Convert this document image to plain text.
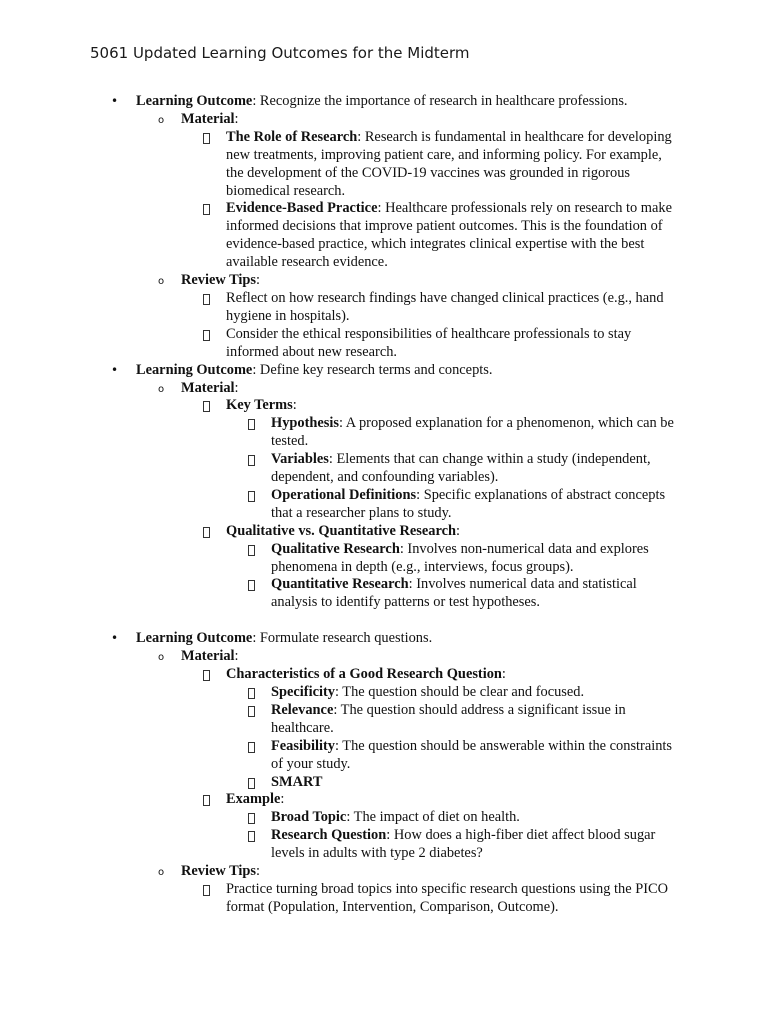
5061 Updated Learning Outcomes for the Midterm
• Learning Outcome: Recognize the importance of research in healthcare professions.
o Material:
The Role of Research: Research is fundamental in healthcare for developing new treatments, improving patient care, and informing policy. For example, the development of the COVID-19 vaccines was grounded in rigorous biomedical research.
Evidence-Based Practice: Healthcare professionals rely on research to make informed decisions that improve patient outcomes. This is the foundation of evidence-based practice, which integrates clinical expertise with the best available research evidence.
o Review Tips:
Reflect on how research findings have changed clinical practices (e.g., hand hygiene in hospitals).
Consider the ethical responsibilities of healthcare professionals to stay informed about new research.
• Learning Outcome: Define key research terms and concepts.
o Material:
Key Terms:
Hypothesis: A proposed explanation for a phenomenon, which can be tested.
Variables: Elements that can change within a study (independent, dependent, and confounding variables).
Operational Definitions: Specific explanations of abstract concepts that a researcher plans to study.
Qualitative vs. Quantitative Research:
Qualitative Research: Involves non-numerical data and explores phenomena in depth (e.g., interviews, focus groups).
Quantitative Research: Involves numerical data and statistical analysis to identify patterns or test hypotheses.
• Learning Outcome: Formulate research questions.
o Material:
Characteristics of a Good Research Question:
Specificity: The question should be clear and focused.
Relevance: The question should address a significant issue in healthcare.
Feasibility: The question should be answerable within the constraints of your study.
SMART
Example:
Broad Topic: The impact of diet on health.
Research Question: How does a high-fiber diet affect blood sugar levels in adults with type 2 diabetes?
o Review Tips:
Practice turning broad topics into specific research questions using the PICO format (Population, Intervention, Comparison, Outcome).
